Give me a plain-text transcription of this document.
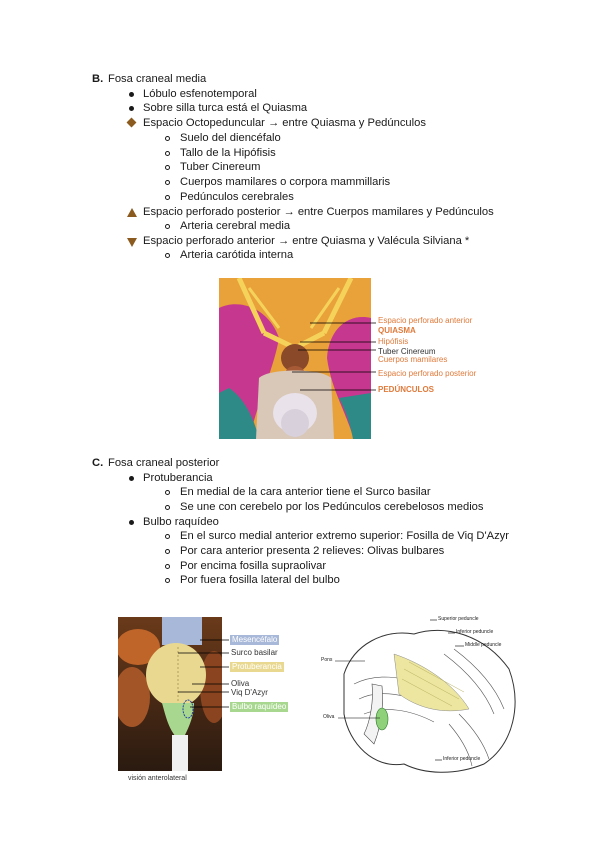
B. Fosa craneal media
Lóbulo esfenotemporal
Sobre silla turca está el Quiasma
Espacio Octopeduncular → entre Quiasma y Pedúnculos
Suelo del diencéfalo
Tallo de la Hipófisis
Tuber Cinereum
Cuerpos mamilares o corpora mammillaris
Pedúnculos cerebrales
Espacio perforado posterior → entre Cuerpos mamilares y Pedúnculos
Arteria cerebral media
Espacio perforado anterior → entre Quiasma y Valécula Silviana *
Arteria carótida interna
Espacio perforado anterior
QUIASMA
Hipófisis
Tuber Cinereum
Cuerpos mamilares
Espacio perforado posterior
PEDÚNCULOS
C. Fosa craneal posterior
Protuberancia
En medial de la cara anterior tiene el Surco basilar
Se une con cerebelo por los Pedúnculos cerebelosos medios
Bulbo raquídeo
En el surco medial anterior extremo superior: Fosilla de Viq D'Azyr
Por cara anterior presenta 2 relieves: Olivas bulbares
Por encima fosilla supraolivar
Por fuera fosilla lateral del bulbo
Mesencéfalo
Surco basilar
Protuberancia
Oliva
Viq D'Azyr
Bulbo raquídeo
visión anterolateral
Superior peduncle
Inferior peduncle
Middle peduncle
Pons
Oliva
Inferior peduncle
